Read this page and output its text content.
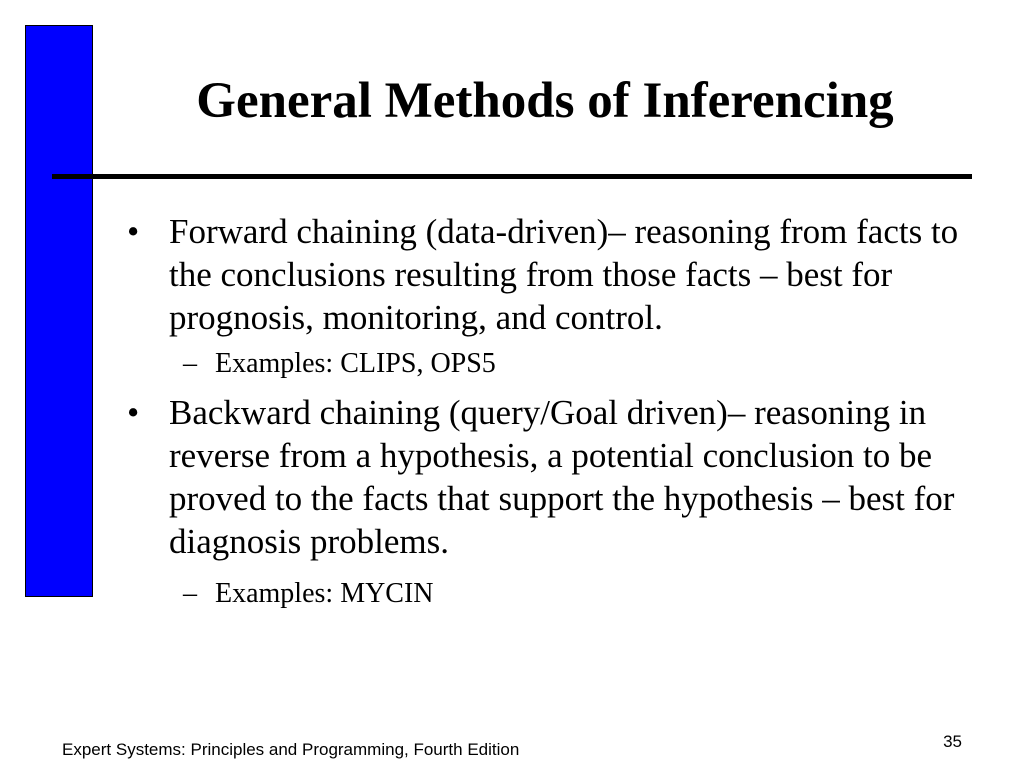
General Methods of Inferencing
• Forward chaining (data-driven)– reasoning from facts to the conclusions resulting from those facts – best for prognosis, monitoring, and control.
– Examples: CLIPS, OPS5
• Backward chaining (query/Goal driven)– reasoning in reverse from a hypothesis, a potential conclusion to be proved to the facts that support the hypothesis – best for diagnosis problems.
– Examples: MYCIN
Expert Systems: Principles and Programming, Fourth Edition	35
